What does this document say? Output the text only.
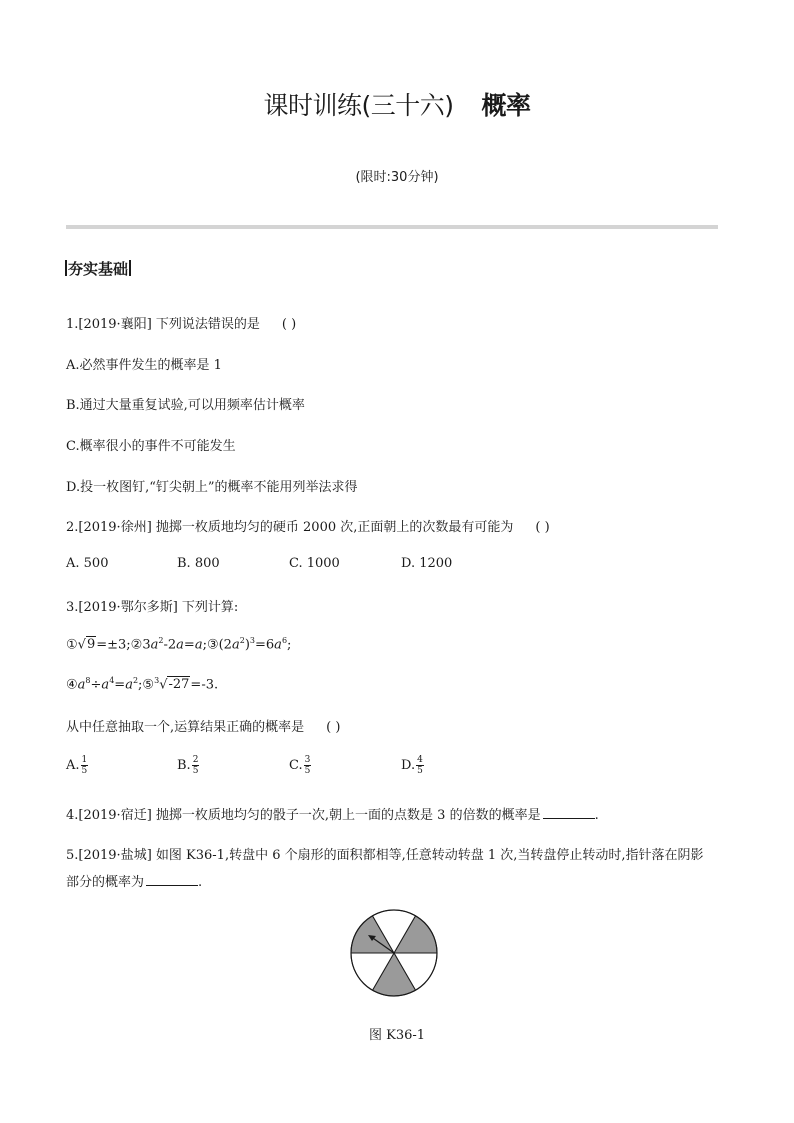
课时训练(三十六) 概率
(限时:30分钟)
夯实基础
1.[2019·襄阳] 下列说法错误的是 ( )
A.必然事件发生的概率是 1
B.通过大量重复试验,可以用频率估计概率
C.概率很小的事件不可能发生
D.投一枚图钉,“钉尖朝上”的概率不能用列举法求得
2.[2019·徐州] 抛掷一枚质地均匀的硬币 2000 次,正面朝上的次数最有可能为 ( )
A. 500	B. 800	C. 1000	D. 1200
3.[2019·鄂尔多斯] 下列计算:
$①√9=\pm 3;②3a^2-2a=a;③(2a^2)^3=6a^6$;
$④a^8\div a^4=a^2;⑤^3√-27=-3$.
从中任意抽取一个,运算结果正确的概率是 ( )
A. $\frac{1}{5}$	B. $\frac{2}{5}$	C. $\frac{3}{5}$	D. $\frac{4}{5}$
4.[2019·宿迁] 抛掷一枚质地均匀的骰子一次,朝上一面的点数是 3 的倍数的概率是	.
5.[2019·盐城] 如图 K36-1,转盘中 6 个扇形的面积都相等,任意转动转盘 1 次,当转盘停止转动时,指针落在阴影
部分的概率为	.
图 K36-1
